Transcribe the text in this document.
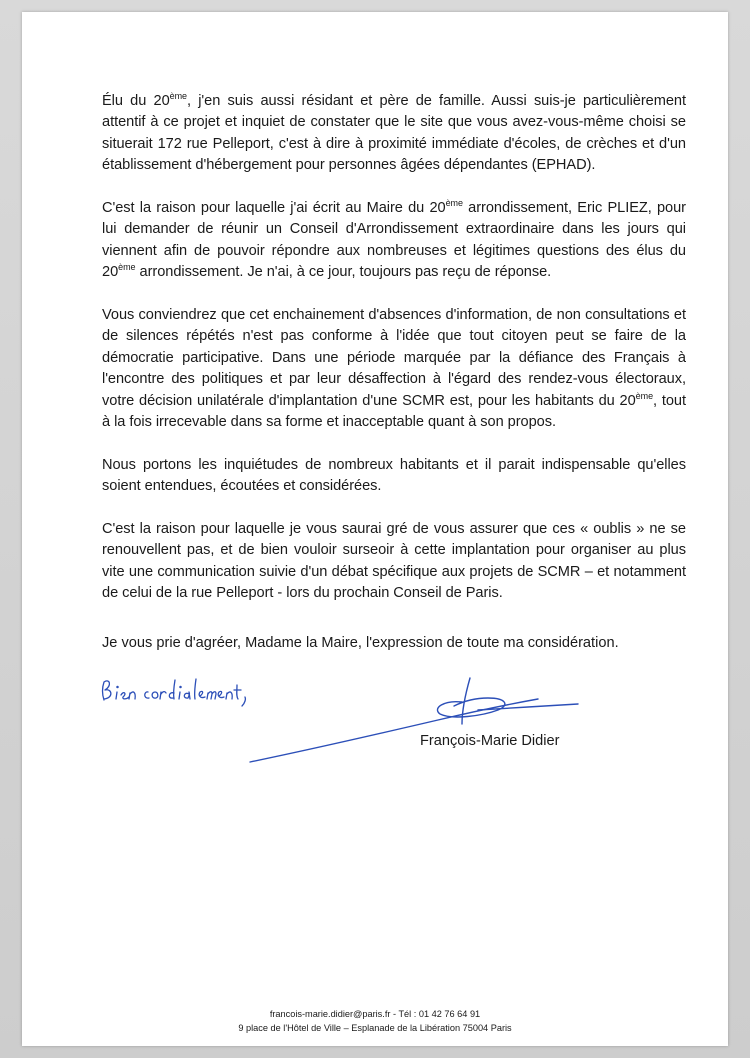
Élu du 20ème, j'en suis aussi résidant et père de famille. Aussi suis-je particulièrement attentif à ce projet et inquiet de constater que le site que vous avez-vous-même choisi se situerait 172 rue Pelleport, c'est à dire à proximité immédiate d'écoles, de crèches et d'un établissement d'hébergement pour personnes âgées dépendantes (EPHAD).

C'est la raison pour laquelle j'ai écrit au Maire du 20ème arrondissement, Eric PLIEZ, pour lui demander de réunir un Conseil d'Arrondissement extraordinaire dans les jours qui viennent afin de pouvoir répondre aux nombreuses et légitimes questions des élus du 20ème arrondissement. Je n'ai, à ce jour, toujours pas reçu de réponse.

Vous conviendrez que cet enchainement d'absences d'information, de non consultations et de silences répétés n'est pas conforme à l'idée que tout citoyen peut se faire de la démocratie participative. Dans une période marquée par la défiance des Français à l'encontre des politiques et par leur désaffection à l'égard des rendez-vous électoraux, votre décision unilatérale d'implantation d'une SCMR est, pour les habitants du 20ème, tout à la fois irrecevable dans sa forme et inacceptable quant à son propos.

Nous portons les inquiétudes de nombreux habitants et il parait indispensable qu'elles soient entendues, écoutées et considérées.

C'est la raison pour laquelle je vous saurai gré de vous assurer que ces « oublis » ne se renouvellent pas, et de bien vouloir surseoir à cette implantation pour organiser au plus vite une communication suivie d'un débat spécifique aux projets de SCMR – et notamment de celui de la rue Pelleport - lors du prochain Conseil de Paris.

Je vous prie d'agréer, Madame la Maire, l'expression de toute ma considération.
François-Marie Didier
francois-marie.didier@paris.fr - Tél : 01 42 76 64 91
9 place de l'Hôtel de Ville – Esplanade de la Libération 75004 Paris
